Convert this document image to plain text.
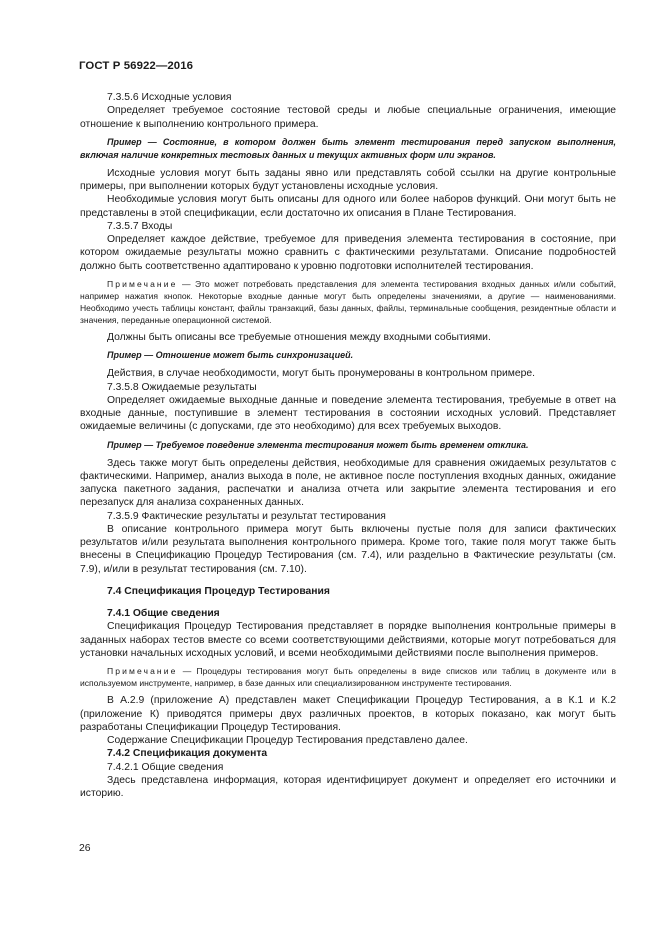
ГОСТ Р 56922—2016

7.3.5.6 Исходные условия

Определяет требуемое состояние тестовой среды и любые специальные ограничения, имеющие отношение к выполнению контрольного примера.

Пример — Состояние, в котором должен быть элемент тестирования перед запуском выполнения, включая наличие конкретных тестовых данных и текущих активных форм или экранов.

Исходные условия могут быть заданы явно или представлять собой ссылки на другие контрольные примеры, при выполнении которых будут установлены исходные условия.

Необходимые условия могут быть описаны для одного или более наборов функций. Они могут быть не представлены в этой спецификации, если достаточно их описания в Плане Тестирования.

7.3.5.7 Входы

Определяет каждое действие, требуемое для приведения элемента тестирования в состояние, при котором ожидаемые результаты можно сравнить с фактическими результатами. Описание подробностей должно быть соответственно адаптировано к уровню подготовки исполнителей тестирования.

Примечание — Это может потребовать представления для элемента тестирования входных данных и/или событий, например нажатия кнопок. Некоторые входные данные могут быть определены значениями, а другие — наименованиями. Необходимо учесть таблицы констант, файлы транзакций, базы данных, файлы, терминальные сообщения, резидентные области и значения, переданные операционной системой.

Должны быть описаны все требуемые отношения между входными событиями.

Пример — Отношение может быть синхронизацией.

Действия, в случае необходимости, могут быть пронумерованы в контрольном примере.

7.3.5.8 Ожидаемые результаты

Определяет ожидаемые выходные данные и поведение элемента тестирования, требуемые в ответ на входные данные, поступившие в элемент тестирования в состоянии исходных условий. Представляет ожидаемые величины (с допусками, где это необходимо) для всех требуемых выходов.

Пример — Требуемое поведение элемента тестирования может быть временем отклика.

Здесь также могут быть определены действия, необходимые для сравнения ожидаемых результатов с фактическими. Например, анализ выхода в поле, не активное после поступления входных данных, ожидание запуска пакетного задания, распечатки и анализа отчета или закрытие элемента тестирования и его перезапуск для анализа сохраненных данных.

7.3.5.9 Фактические результаты и результат тестирования

В описание контрольного примера могут быть включены пустые поля для записи фактических результатов и/или результата выполнения контрольного примера. Кроме того, такие поля могут также быть внесены в Спецификацию Процедур Тестирования (см. 7.4), или раздельно в Фактические результаты (см. 7.9), и/или в результат тестирования (см. 7.10).

7.4 Спецификация Процедур Тестирования

7.4.1 Общие сведения

Спецификация Процедур Тестирования представляет в порядке выполнения контрольные примеры в заданных наборах тестов вместе со всеми соответствующими действиями, которые могут потребоваться для установки начальных исходных условий, и всеми необходимыми действиями после выполнения примеров.

Примечание — Процедуры тестирования могут быть определены в виде списков или таблиц в документе или в используемом инструменте, например, в базе данных или специализированном инструменте тестирования.

В А.2.9 (приложение А) представлен макет Спецификации Процедур Тестирования, а в К.1 и К.2 (приложение К) приводятся примеры двух различных проектов, в которых показано, как могут быть разработаны Спецификации Процедур Тестирования.

Содержание Спецификации Процедур Тестирования представлено далее.

7.4.2 Спецификация документа

7.4.2.1 Общие сведения

Здесь представлена информация, которая идентифицирует документ и определяет его источники и историю.

26
